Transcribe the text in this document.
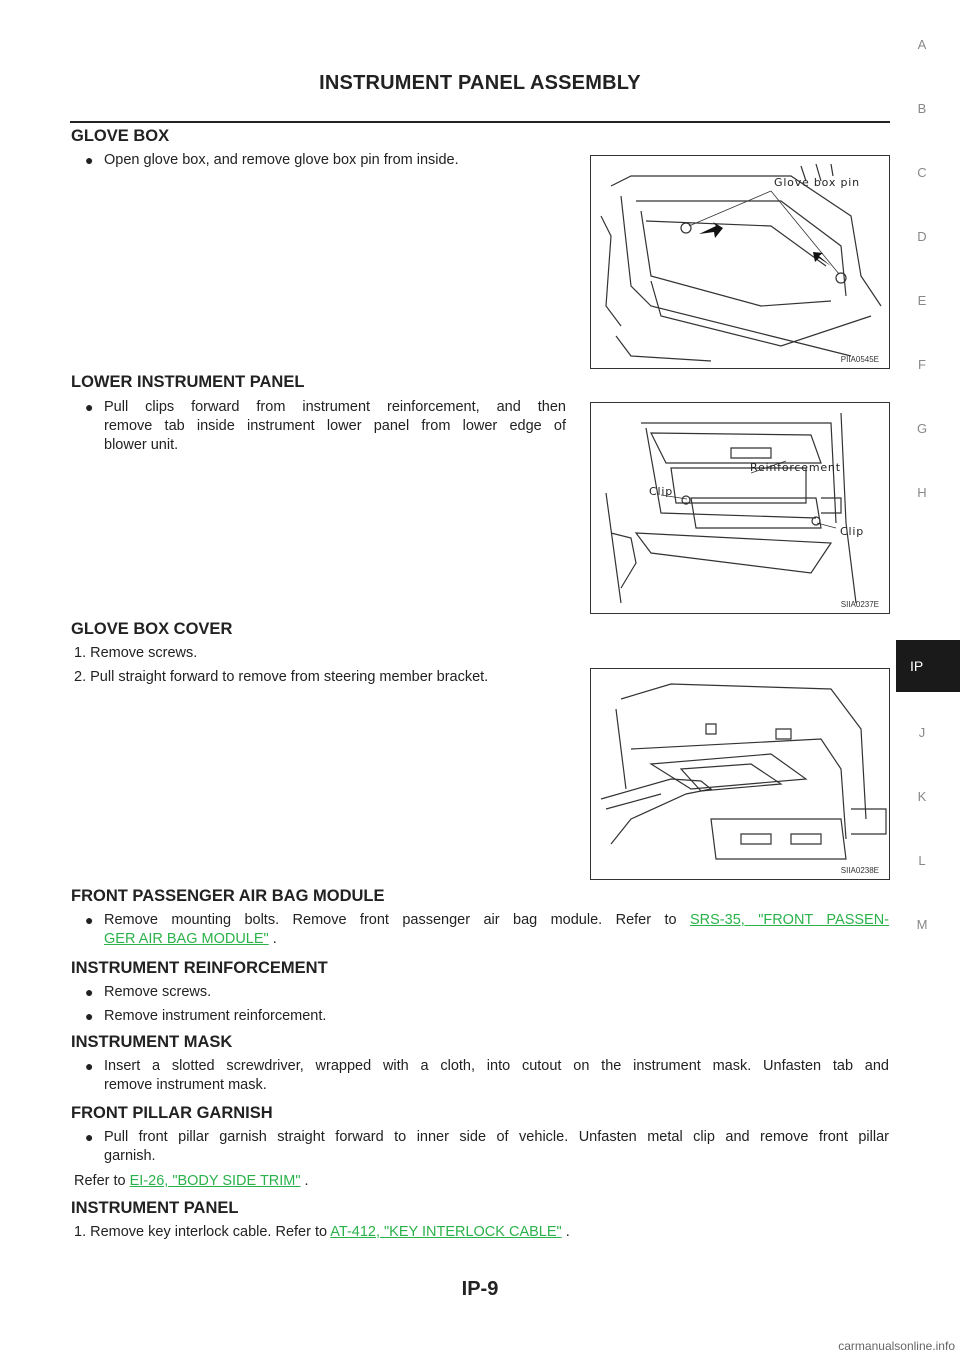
INSTRUMENT PANEL ASSEMBLY
A
B
C
D
E
F
G
H
IP
J
K
L
M
GLOVE BOX
● Open glove box, and remove glove box pin from inside.
Glove box pin
PIIA0545E
LOWER INSTRUMENT PANEL
● Pull clips forward from instrument reinforcement, and then
remove tab inside instrument lower panel from lower edge of
blower unit.
Reinforcement
Clip
Clip
SIIA0237E
GLOVE BOX COVER
1. Remove screws.
2. Pull straight forward to remove from steering member bracket.
SIIA0238E
FRONT PASSENGER AIR BAG MODULE
● Remove mounting bolts. Remove front passenger air bag module. Refer to SRS-35, "FRONT PASSEN-
GER AIR BAG MODULE" .
INSTRUMENT REINFORCEMENT
● Remove screws.
● Remove instrument reinforcement.
INSTRUMENT MASK
● Insert a slotted screwdriver, wrapped with a cloth, into cutout on the instrument mask. Unfasten tab and
remove instrument mask.
FRONT PILLAR GARNISH
● Pull front pillar garnish straight forward to inner side of vehicle. Unfasten metal clip and remove front pillar
garnish.
Refer to EI-26, "BODY SIDE TRIM" .
INSTRUMENT PANEL
1. Remove key interlock cable. Refer to AT-412, "KEY INTERLOCK CABLE" .
IP-9
carmanualsonline.info
